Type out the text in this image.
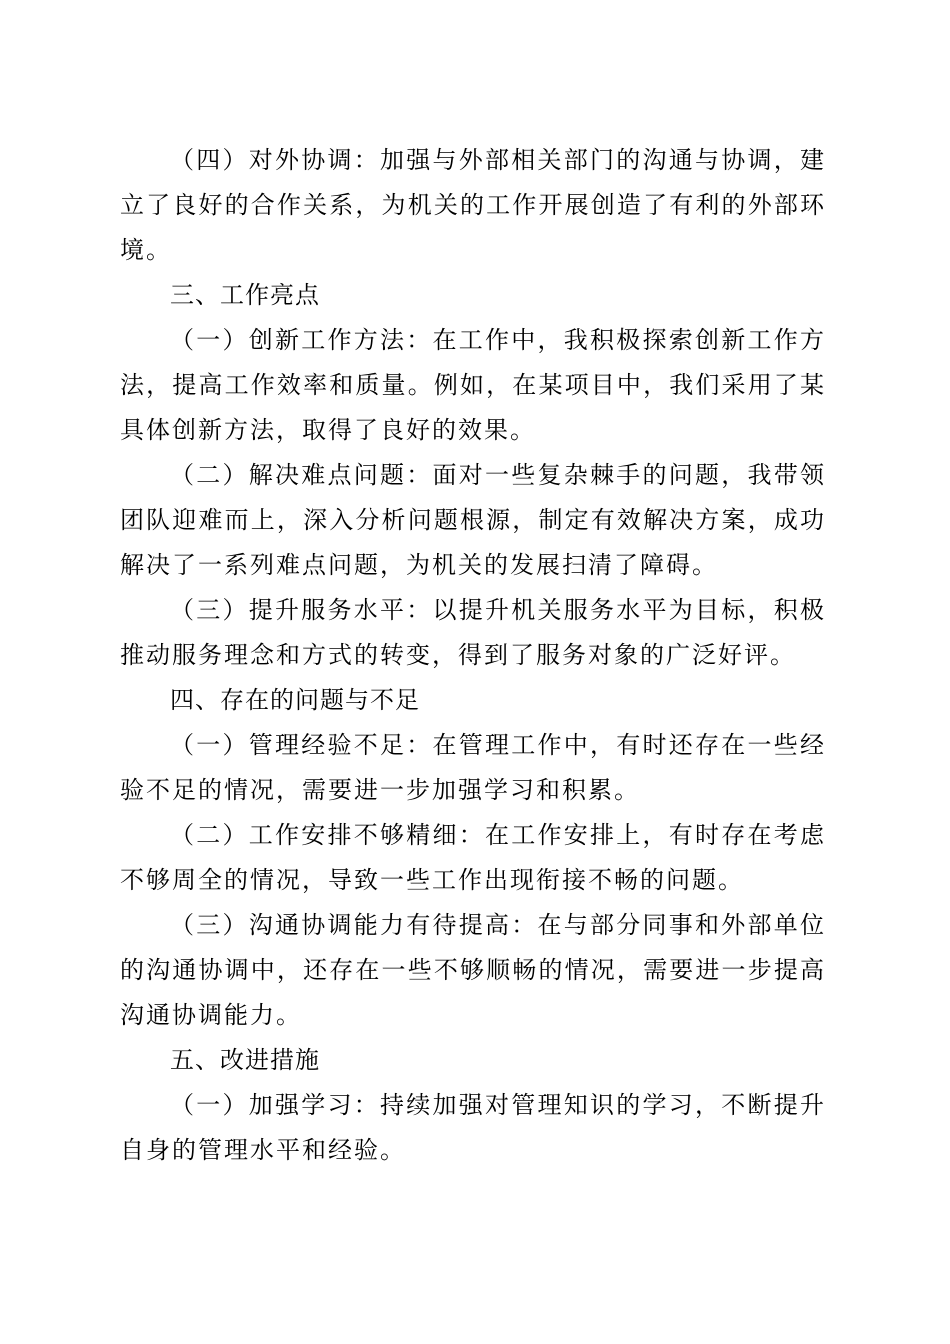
（四）对外协调：加强与外部相关部门的沟通与协调，建立了良好的合作关系，为机关的工作开展创造了有利的外部环境。

三、工作亮点

（一）创新工作方法：在工作中，我积极探索创新工作方法，提高工作效率和质量。例如，在某项目中，我们采用了某具体创新方法，取得了良好的效果。

（二）解决难点问题：面对一些复杂棘手的问题，我带领团队迎难而上，深入分析问题根源，制定有效解决方案，成功解决了一系列难点问题，为机关的发展扫清了障碍。

（三）提升服务水平：以提升机关服务水平为目标，积极推动服务理念和方式的转变，得到了服务对象的广泛好评。

四、存在的问题与不足

（一）管理经验不足：在管理工作中，有时还存在一些经验不足的情况，需要进一步加强学习和积累。

（二）工作安排不够精细：在工作安排上，有时存在考虑不够周全的情况，导致一些工作出现衔接不畅的问题。

（三）沟通协调能力有待提高：在与部分同事和外部单位的沟通协调中，还存在一些不够顺畅的情况，需要进一步提高沟通协调能力。

五、改进措施

（一）加强学习：持续加强对管理知识的学习，不断提升自身的管理水平和经验。
